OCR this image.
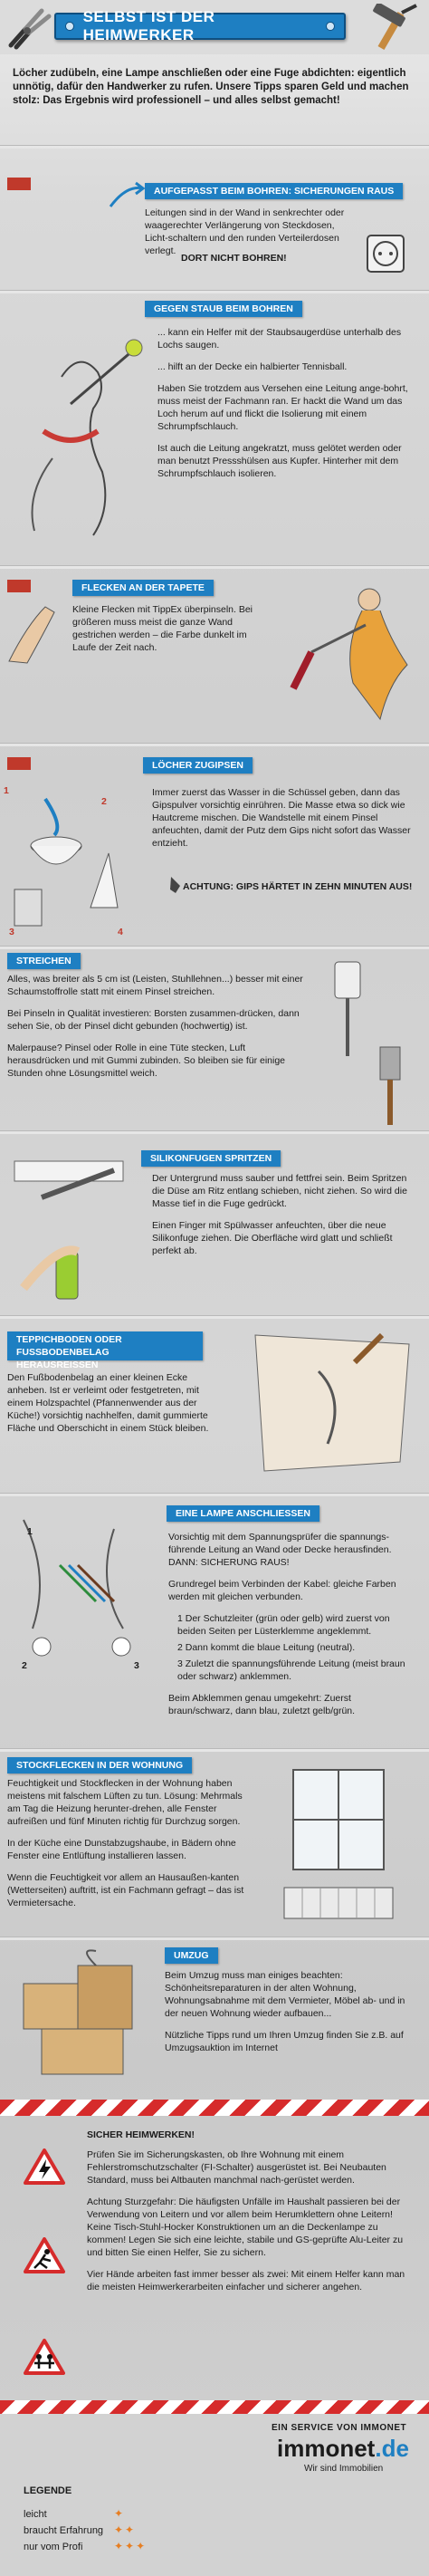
SELBST IST DER HEIMWERKER
Löcher zudübeln, eine Lampe anschließen oder eine Fuge abdichten: eigentlich unnötig, dafür den Handwerker zu rufen. Unsere Tipps sparen Geld und machen stolz: Das Ergebnis wird professionell – und alles selbst gemacht!
AUFGEPASST BEIM BOHREN: SICHERUNGEN RAUS
Leitungen sind in der Wand in senkrechter oder waagerechter Verlängerung von Steckdosen, Licht-schaltern und den runden Verteilerdosen verlegt.
DORT NICHT BOHREN!
GEGEN STAUB BEIM BOHREN

... kann ein Helfer mit der Staubsaugerdüse unterhalb des Lochs saugen.

... hilft an der Decke ein halbierter Tennisball.

Haben Sie trotzdem aus Versehen eine Leitung ange-bohrt, muss meist der Fachmann ran. Er hackt die Wand um das Loch herum auf und flickt die Isolierung mit einem Schrumpfschlauch.

Ist auch die Leitung angekratzt, muss gelötet werden oder man benutzt Pressshülsen aus Kupfer. Hinterher mit dem Schrumpfschlauch isolieren.

FLECKEN AN DER TAPETE
Kleine Flecken mit TippEx überpinseln. Bei größeren muss meist die ganze Wand gestrichen werden – die Farbe dunkelt im Laufe der Zeit nach.
LÖCHER ZUGIPSEN
1
2
3	4
Immer zuerst das Wasser in die Schüssel geben, dann das Gipspulver vorsichtig einrühren. Die Masse etwa so dick wie Hautcreme mischen. Die Wandstelle mit einem Pinsel anfeuchten, damit der Putz dem Gips nicht sofort das Wasser entzieht.
ACHTUNG: GIPS HÄRTET IN ZEHN MINUTEN AUS!
STREICHEN

Alles, was breiter als 5 cm ist (Leisten, Stuhllehnen...) besser mit einer Schaumstoffrolle statt mit einem Pinsel streichen.

Bei Pinseln in Qualität investieren: Borsten zusammen-drücken, dann sehen Sie, ob der Pinsel dicht gebunden (hochwertig) ist.

Malerpause? Pinsel oder Rolle in eine Tüte stecken, Luft herausdrücken und mit Gummi zubinden. So bleiben sie für einige Stunden ohne Lösungsmittel weich.

SILIKONFUGEN SPRITZEN

Der Untergrund muss sauber und fettfrei sein. Beim Spritzen die Düse am Ritz entlang schieben, nicht ziehen. So wird die Masse tief in die Fuge gedrückt.

Einen Finger mit Spülwasser anfeuchten, über die neue Silikonfuge ziehen. Die Oberfläche wird glatt und schließt perfekt ab.

TEPPICHBODEN ODER FUSSBODENBELAG HERAUSREISSEN
Den Fußbodenbelag an einer kleinen Ecke anheben. Ist er verleimt oder festgetreten, mit einem Holzspachtel (Pfannenwender aus der Küche!) vorsichtig nachhelfen, damit gummierte Fläche und Oberschicht in einem Stück bleiben.
EINE LAMPE ANSCHLIESSEN
1
2	3

Vorsichtig mit dem Spannungsprüfer die spannungs-führende Leitung an Wand oder Decke herausfinden. DANN: SICHERUNG RAUS!

Grundregel beim Verbinden der Kabel: gleiche Farben werden mit gleichen verbunden.

1 Der Schutzleiter (grün oder gelb) wird zuerst von beiden Seiten per Lüsterklemme angeklemmt.

2 Dann kommt die blaue Leitung (neutral).

3 Zuletzt die spannungsführende Leitung (meist braun oder schwarz) anklemmen.

Beim Abklemmen genau umgekehrt: Zuerst braun/schwarz, dann blau, zuletzt gelb/grün.

STOCKFLECKEN IN DER WOHNUNG

Feuchtigkeit und Stockflecken in der Wohnung haben meistens mit falschem Lüften zu tun. Lösung: Mehrmals am Tag die Heizung herunter-drehen, alle Fenster aufreißen und fünf Minuten richtig für Durchzug sorgen.

In der Küche eine Dunstabzugshaube, in Bädern ohne Fenster eine Entlüftung installieren lassen.

Wenn die Feuchtigkeit vor allem an Hausaußen-kanten (Wetterseiten) auftritt, ist ein Fachmann gefragt – das ist Vermietersache.

UMZUG

Beim Umzug muss man einiges beachten: Schönheitsreparaturen in der alten Wohnung, Wohnungsabnahme mit dem Vermieter, Möbel ab- und in der neuen Wohnung wieder aufbauen...

Nützliche Tipps rund um Ihren Umzug finden Sie z.B. auf Umzugsauktion im Internet

SICHER HEIMWERKEN!

Prüfen Sie im Sicherungskasten, ob Ihre Wohnung mit einem Fehlerstromschutzschalter (FI-Schalter) ausgerüstet ist. Bei Neubauten Standard, muss bei Altbauten manchmal nach-gerüstet werden.

Achtung Sturzgefahr: Die häufigsten Unfälle im Haushalt passieren bei der Verwendung von Leitern und vor allem beim Herumklettern ohne Leitern! Keine Tisch-Stuhl-Hocker Konstruktionen um an die Deckenlampe zu kommen! Legen Sie sich eine leichte, stabile und GS-geprüfte Alu-Leiter zu und bitten Sie einen Helfer, Sie zu sichern.

Vier Hände arbeiten fast immer besser als zwei: Mit einem Helfer kann man die meisten Heimwerkerarbeiten einfacher und sicherer angehen.

EIN SERVICE VON IMMONET
immonet.de
Wir sind Immobilien
LEGENDE
leicht	✦
braucht Erfahrung ✦✦
nur vom Profi	✦✦✦
